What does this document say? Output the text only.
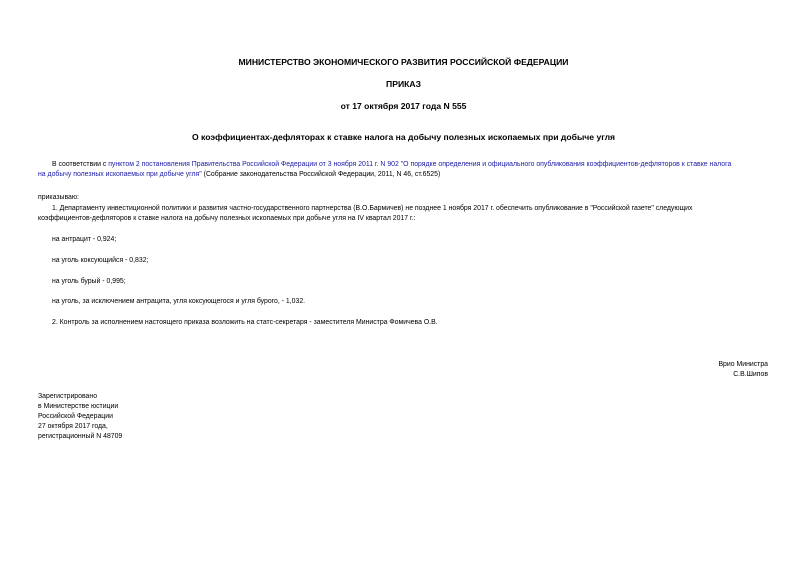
МИНИСТЕРСТВО ЭКОНОМИЧЕСКОГО РАЗВИТИЯ РОССИЙСКОЙ ФЕДЕРАЦИИ
ПРИКАЗ
от 17 октября 2017 года N 555
О коэффициентах-дефляторах к ставке налога на добычу полезных ископаемых при добыче угля
В соответствии с пунктом 2 постановления Правительства Российской Федерации от 3 ноября 2011 г. N 902 "О порядке определения и официального опубликования коэффициентов-дефляторов к ставке налога
на добычу полезных ископаемых при добыче угля" (Собрание законодательства Российской Федерации, 2011, N 46, ст.6525)
приказываю:
1. Департаменту инвестиционной политики и развития частно-государственного партнерства (В.О.Бармичев) не позднее 1 ноября 2017 г. обеспечить опубликование в "Российской газете" следующих
коэффициентов-дефляторов к ставке налога на добычу полезных ископаемых при добыче угля на IV квартал 2017 г.:
на антрацит - 0,924;
на уголь коксующийся - 0,832;
на уголь бурый - 0,995;
на уголь, за исключением антрацита, угля коксующегося и угля бурого, - 1,032.
2. Контроль за исполнением настоящего приказа возложить на статс-секретаря - заместителя Министра Фомичева О.В.
Врио Министра
С.В.Шипов
Зарегистрировано
в Министерстве юстиции
Российской Федерации
27 октября 2017 года,
регистрационный N 48709
